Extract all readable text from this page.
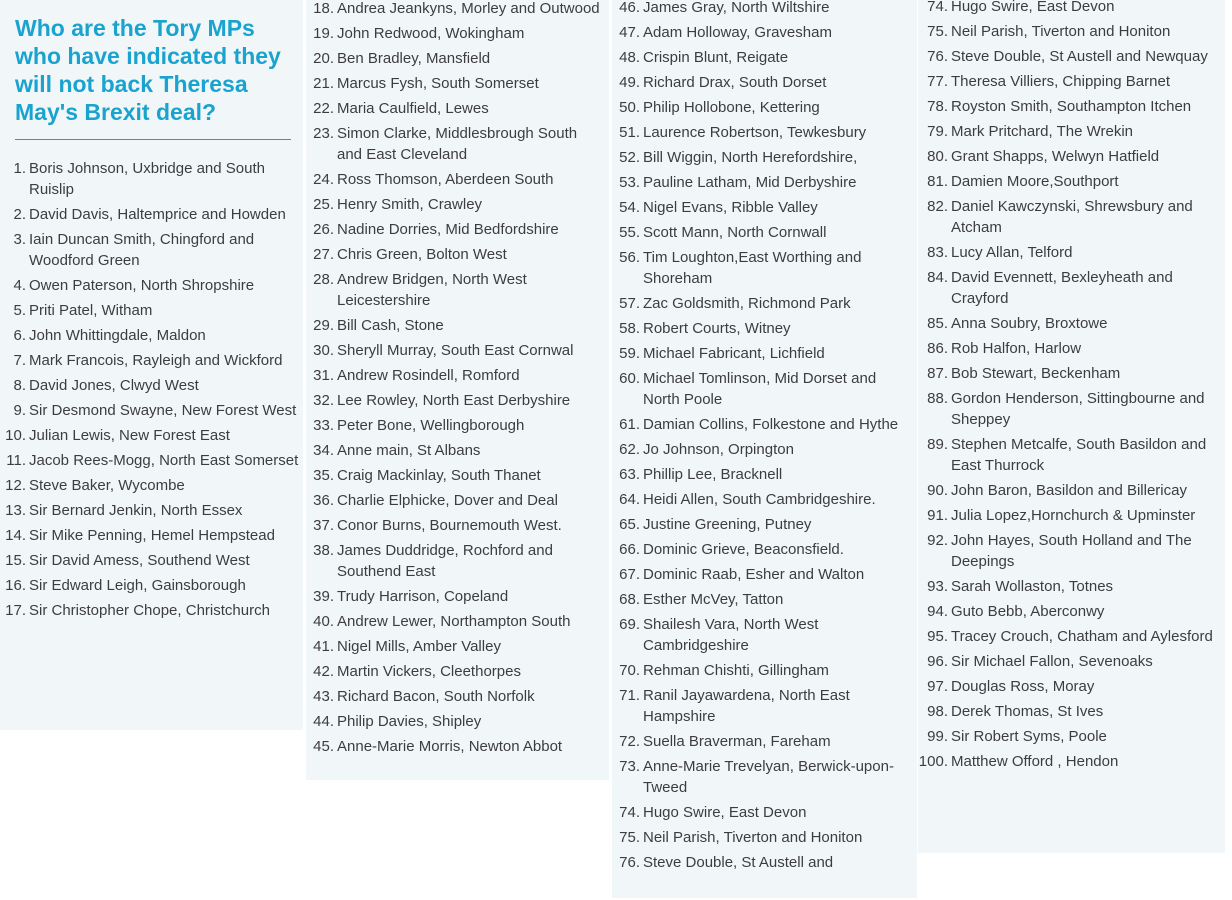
Who are the Tory MPs who have indicated they will not back Theresa May's Brexit deal?
1. Boris Johnson, Uxbridge and South Ruislip
2. David Davis, Haltemprice and Howden
3. Iain Duncan Smith, Chingford and Woodford Green
4. Owen Paterson, North Shropshire
5. Priti Patel, Witham
6. John Whittingdale, Maldon
7. Mark Francois, Rayleigh and Wickford
8. David Jones, Clwyd West
9. Sir Desmond Swayne, New Forest West
10. Julian Lewis, New Forest East
11. Jacob Rees-Mogg, North East Somerset
12. Steve Baker, Wycombe
13. Sir Bernard Jenkin, North Essex
14. Sir Mike Penning, Hemel Hempstead
15. Sir David Amess, Southend West
16. Sir Edward Leigh, Gainsborough
17. Sir Christopher Chope, Christchurch
18. Andrea Jeankyns, Morley and Outwood
19. John Redwood, Wokingham
20. Ben Bradley, Mansfield
21. Marcus Fysh, South Somerset
22. Maria Caulfield, Lewes
23. Simon Clarke, Middlesbrough South and East Cleveland
24. Ross Thomson, Aberdeen South
25. Henry Smith, Crawley
26. Nadine Dorries, Mid Bedfordshire
27. Chris Green, Bolton West
28. Andrew Bridgen, North West Leicestershire
29. Bill Cash, Stone
30. Sheryll Murray, South East Cornwal
31. Andrew Rosindell, Romford
32. Lee Rowley, North East Derbyshire
33. Peter Bone, Wellingborough
34. Anne main, St Albans
35. Craig Mackinlay, South Thanet
36. Charlie Elphicke, Dover and Deal
37. Conor Burns, Bournemouth West.
38. James Duddridge, Rochford and Southend East
39. Trudy Harrison, Copeland
40. Andrew Lewer, Northampton South
41. Nigel Mills, Amber Valley
42. Martin Vickers, Cleethorpes
43. Richard Bacon, South Norfolk
44. Philip Davies, Shipley
45. Anne-Marie Morris, Newton Abbot
46. James Gray, North Wiltshire
47. Adam Holloway, Gravesham
48. Crispin Blunt, Reigate
49. Richard Drax, South Dorset
50. Philip Hollobone, Kettering
51. Laurence Robertson, Tewkesbury
52. Bill Wiggin, North Herefordshire,
53. Pauline Latham, Mid Derbyshire
54. Nigel Evans, Ribble Valley
55. Scott Mann, North Cornwall
56. Tim Loughton,East Worthing and Shoreham
57. Zac Goldsmith, Richmond Park
58. Robert Courts, Witney
59. Michael Fabricant, Lichfield
60. Michael Tomlinson, Mid Dorset and North Poole
61. Damian Collins, Folkestone and Hythe
62. Jo Johnson, Orpington
63. Phillip Lee, Bracknell
64. Heidi Allen, South Cambridgeshire.
65. Justine Greening, Putney
66. Dominic Grieve, Beaconsfield.
67. Dominic Raab, Esher and Walton
68. Esther McVey, Tatton
69. Shailesh Vara, North West Cambridgeshire
70. Rehman Chishti, Gillingham
71. Ranil Jayawardena, North East Hampshire
72. Suella Braverman, Fareham
73. Anne-Marie Trevelyan, Berwick-upon-Tweed
74. Hugo Swire, East Devon
75. Neil Parish, Tiverton and Honiton
76. Steve Double, St Austell and
74. Hugo Swire, East Devon
75. Neil Parish, Tiverton and Honiton
76. Steve Double, St Austell and Newquay
77. Theresa Villiers, Chipping Barnet
78. Royston Smith, Southampton Itchen
79. Mark Pritchard, The Wrekin
80. Grant Shapps, Welwyn Hatfield
81. Damien Moore,Southport
82. Daniel Kawczynski, Shrewsbury and Atcham
83. Lucy Allan, Telford
84. David Evennett, Bexleyheath and Crayford
85. Anna Soubry, Broxtowe
86. Rob Halfon, Harlow
87. Bob Stewart, Beckenham
88. Gordon Henderson, Sittingbourne and Sheppey
89. Stephen Metcalfe, South Basildon and East Thurrock
90. John Baron, Basildon and Billericay
91. Julia Lopez,Hornchurch & Upminster
92. John Hayes, South Holland and The Deepings
93. Sarah Wollaston, Totnes
94. Guto Bebb, Aberconwy
95. Tracey Crouch, Chatham and Aylesford
96. Sir Michael Fallon, Sevenoaks
97. Douglas Ross, Moray
98. Derek Thomas, St Ives
99. Sir Robert Syms, Poole
100. Matthew Offord , Hendon
